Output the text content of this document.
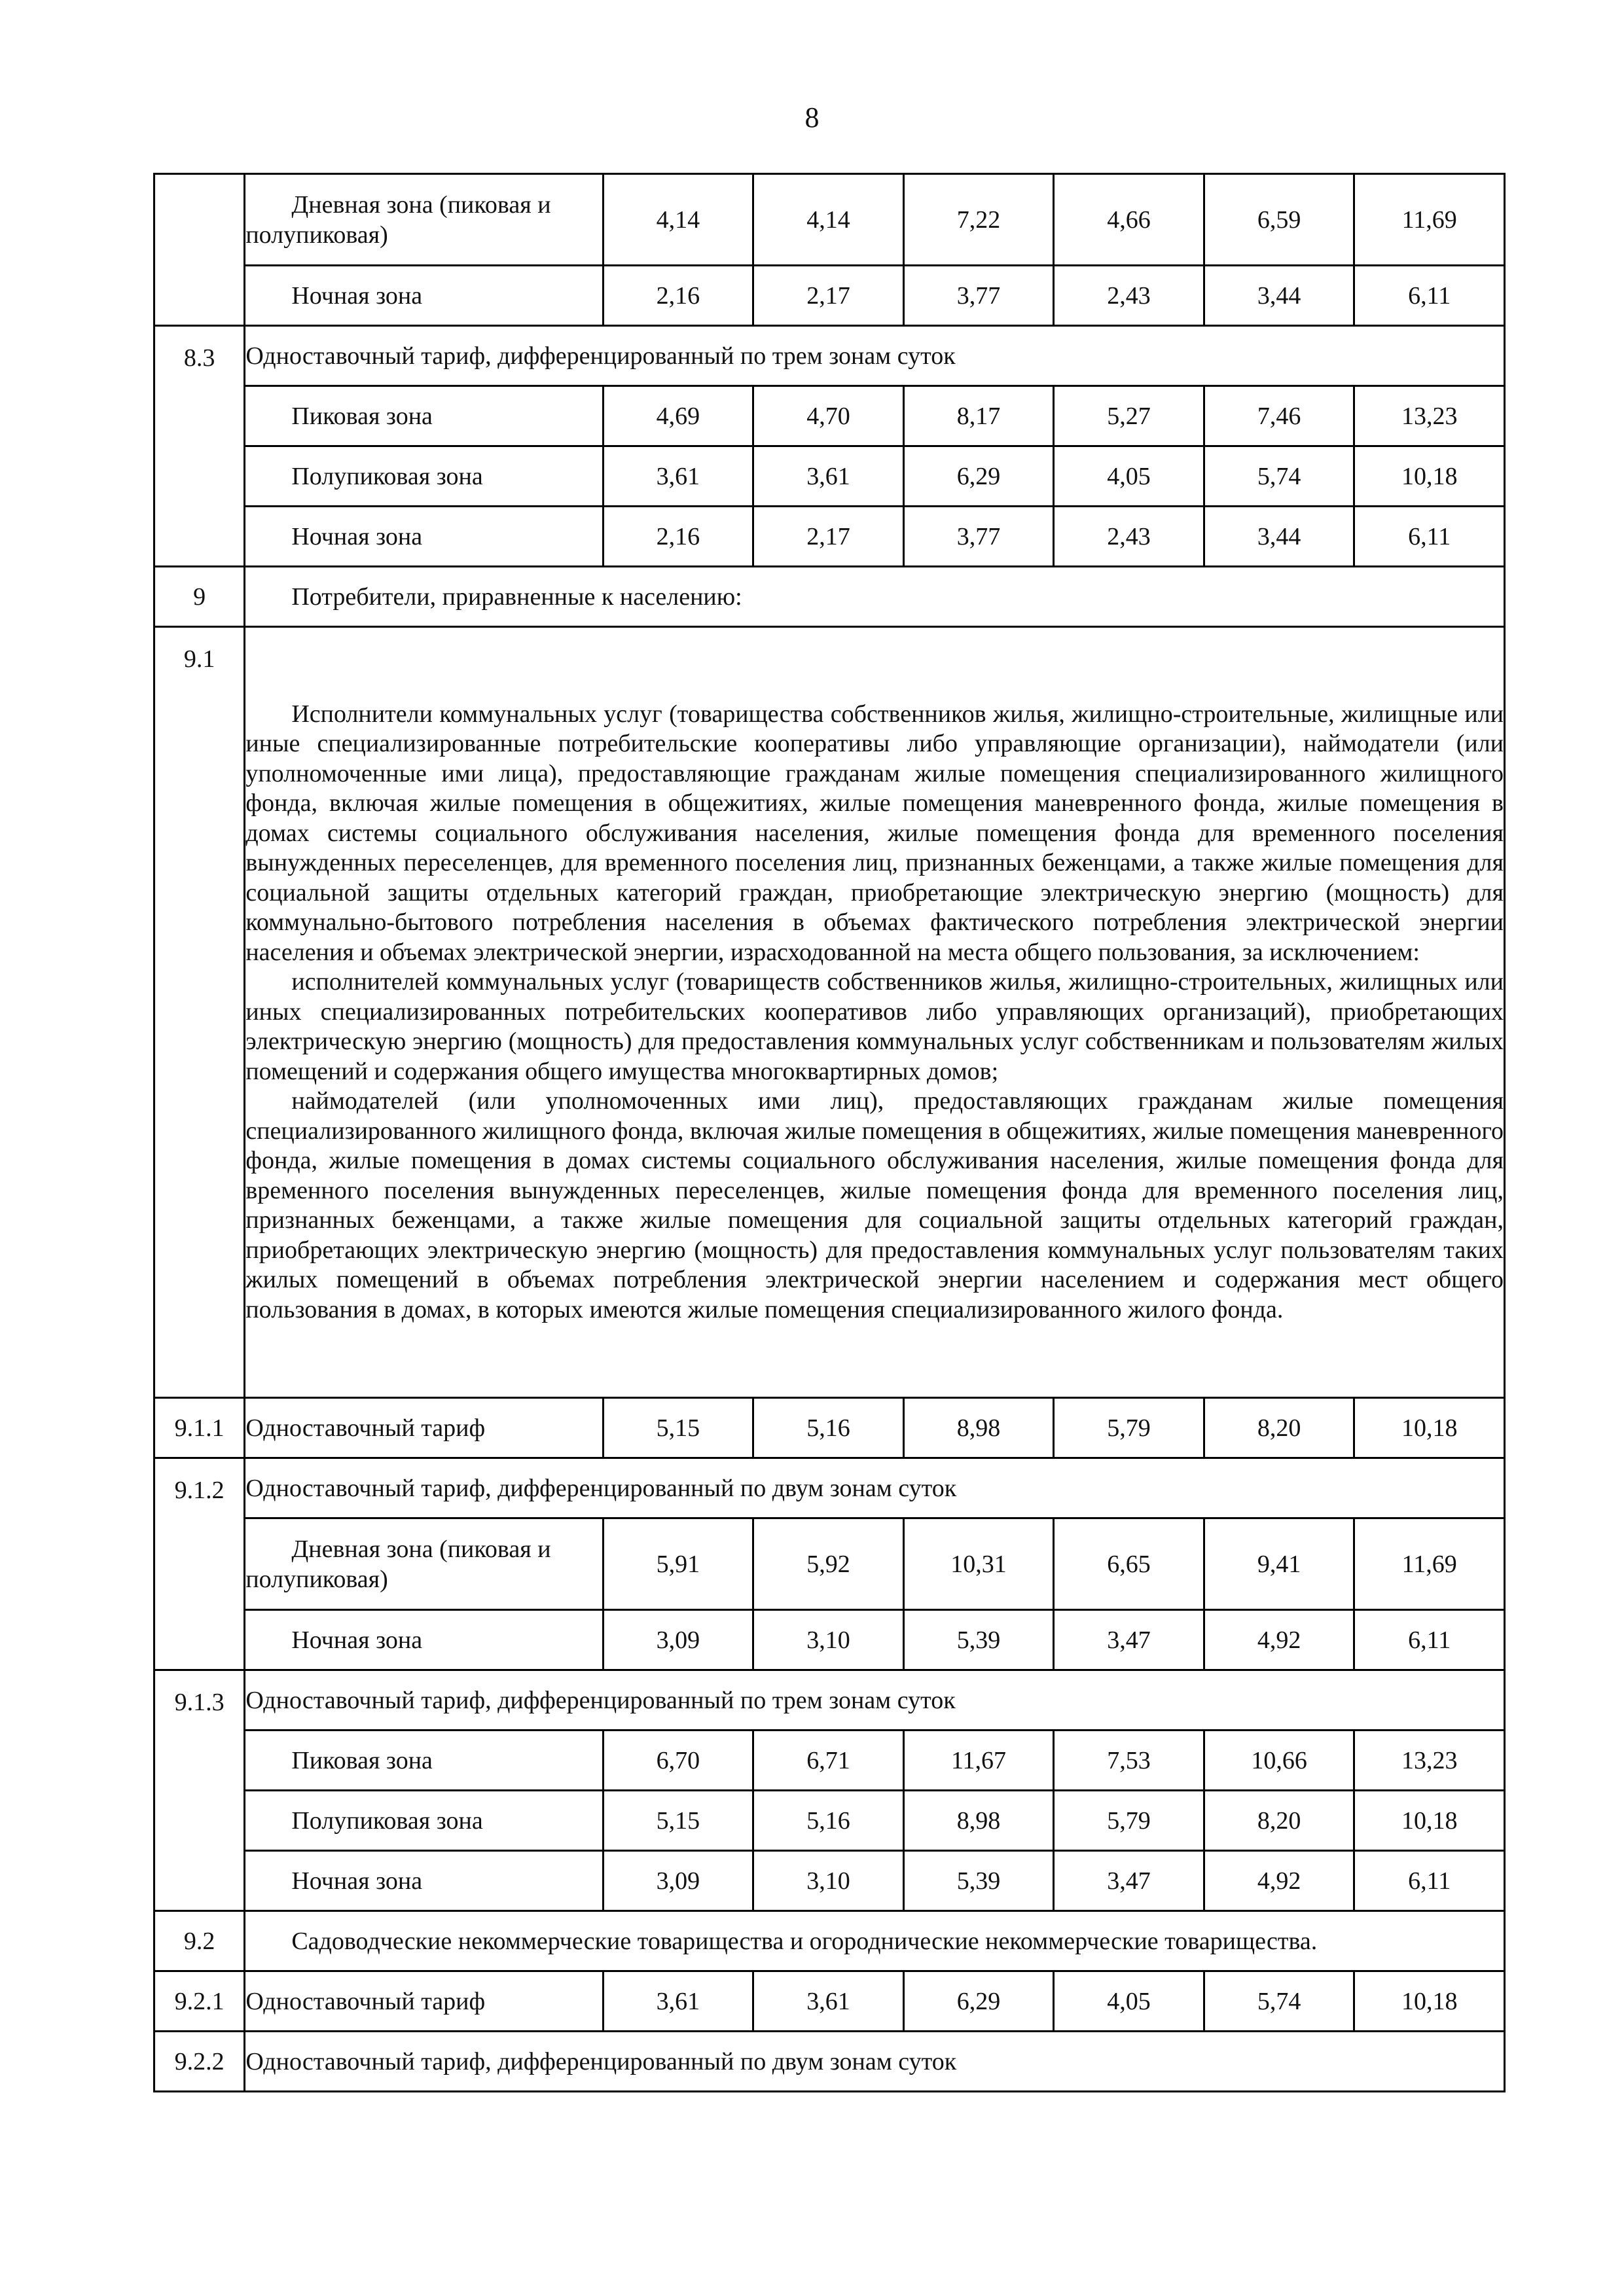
8

	Дневная зона (пиковая и
полупиковая)	4,14	4,14	7,22	4,66	6,59	11,69
	Ночная зона	2,16	2,17	3,77	2,43	3,44	6,11
8.3	Одноставочный тариф, дифференцированный по трем зонам суток						
	Пиковая зона	4,69	4,70	8,17	5,27	7,46	13,23
	Полупиковая зона	3,61	3,61	6,29	4,05	5,74	10,18
	Ночная зона	2,16	2,17	3,77	2,43	3,44	6,11
9	Потребители, приравненные к населению:						
9.1	Исполнители коммунальных услуг (товарищества собственников жилья, жилищно-строительные, жилищные или иные специализированные потребительские кооперативы либо управляющие организации), наймодатели (или уполномоченные ими лица), предоставляющие гражданам жилые помещения специализированного жилищного фонда, включая жилые помещения в общежитиях, жилые помещения маневренного фонда, жилые помещения в домах системы социального обслуживания населения, жилые помещения фонда для временного поселения вынужденных переселенцев, для временного поселения лиц, признанных беженцами, а также жилые помещения для социальной защиты отдельных категорий граждан, приобретающие электрическую энергию (мощность) для коммунально-бытового потребления населения в объемах фактического потребления электрической энергии населения и объемах электрической энергии, израсходованной на места общего пользования, за исключением:

исполнителей коммунальных услуг (товариществ собственников жилья, жилищно-строительных, жилищных или иных специализированных потребительских кооперативов либо управляющих организаций), приобретающих электрическую энергию (мощность) для предоставления коммунальных услуг собственникам и пользователям жилых помещений и содержания общего имущества многоквартирных домов;

наймодателей (или уполномоченных ими лиц), предоставляющих гражданам жилые помещения специализированного жилищного фонда, включая жилые помещения в общежитиях, жилые помещения маневренного фонда, жилые помещения в домах системы социального обслуживания населения, жилые помещения фонда для временного поселения вынужденных переселенцев, жилые помещения фонда для временного поселения лиц, признанных беженцами, а также жилые помещения для социальной защиты отдельных категорий граждан, приобретающих электрическую энергию (мощность) для предоставления коммунальных услуг пользователям таких жилых помещений в объемах потребления электрической энергии населением и содержания мест общего пользования в домах, в которых имеются жилые помещения специализированного жилого фонда.						

9.1.1	Одноставочный тариф	5,15	5,16	8,98	5,79	8,20	10,18
9.1.2	Одноставочный тариф, дифференцированный по двум зонам суток						

	Дневная зона (пиковая и
полупиковая)	5,91	5,92	10,31	6,65	9,41	11,69
	Ночная зона	3,09	3,10	5,39	3,47	4,92	6,11
9.1.3	Одноставочный тариф, дифференцированный по трем зонам суток						
	Пиковая зона	6,70	6,71	11,67	7,53	10,66	13,23
	Полупиковая зона	5,15	5,16	8,98	5,79	8,20	10,18
	Ночная зона	3,09	3,10	5,39	3,47	4,92	6,11
9.2	Садоводческие некоммерческие товарищества и огороднические некоммерческие товарищества.						
9.2.1	Одноставочный тариф	3,61	3,61	6,29	4,05	5,74	10,18
9.2.2	Одноставочный тариф, дифференцированный по двум зонам суток						
